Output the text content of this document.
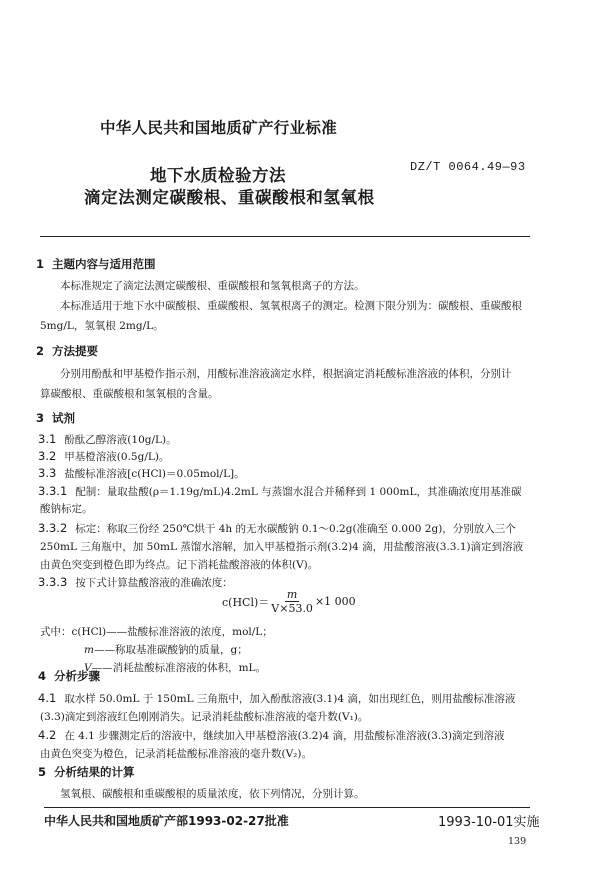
中华人民共和国地质矿产行业标准
地下水质检验方法
滴定法测定碳酸根、重碳酸根和氢氧根
DZ/T 0064.49—93
1 主题内容与适用范围
本标准规定了滴定法测定碳酸根、重碳酸根和氢氧根离子的方法。
本标准适用于地下水中碳酸根、重碳酸根、氢氧根离子的测定。检测下限分别为：碳酸根、重碳酸根
5mg/L，氢氧根 2mg/L。
2 方法提要
分别用酚酞和甲基橙作指示剂，用酸标准溶液滴定水样，根据滴定消耗酸标准溶液的体积，分别计
算碳酸根、重碳酸根和氢氧根的含量。
3 试剂
3.1 酚酞乙醇溶液(10g/L)。
3.2 甲基橙溶液(0.5g/L)。
3.3 盐酸标准溶液[c(HCl)＝0.05mol/L]。
3.3.1 配制：量取盐酸(ρ＝1.19g/mL)4.2mL 与蒸馏水混合并稀释到 1 000mL，其准确浓度用基准碳
酸钠标定。
3.3.2 标定：称取三份经 250℃烘干 4h 的无水碳酸钠 0.1～0.2g(准确至 0.000 2g)，分别放入三个
250mL 三角瓶中，加 50mL 蒸馏水溶解，加入甲基橙指示剂(3.2)4 滴，用盐酸溶液(3.3.1)滴定到溶液
由黄色突变到橙色即为终点。记下消耗盐酸溶液的体积(V)。
3.3.3 按下式计算盐酸溶液的准确浓度：
$c(HCl)= \frac{m}{V\times 53.0} \times 1$ 000
式中：c(HCl)——盐酸标准溶液的浓度，mol/L；
m——称取基准碳酸钠的质量，g；
V——消耗盐酸标准溶液的体积，mL。
4 分析步骤
4.1 取水样 50.0mL 于 150mL 三角瓶中，加入酚酞溶液(3.1)4 滴，如出现红色，则用盐酸标准溶液
(3.3)滴定到溶液红色刚刚消失。记录消耗盐酸标准溶液的毫升数(V₁)。
4.2 在 4.1 步骤测定后的溶液中，继续加入甲基橙溶液(3.2)4 滴，用盐酸标准溶液(3.3)滴定到溶液
由黄色突变为橙色，记录消耗盐酸标准溶液的毫升数(V₂)。
5 分析结果的计算
氢氧根、碳酸根和重碳酸根的质量浓度，依下列情况，分别计算。
中华人民共和国地质矿产部1993-02-27批准	1993-10-01实施
139
